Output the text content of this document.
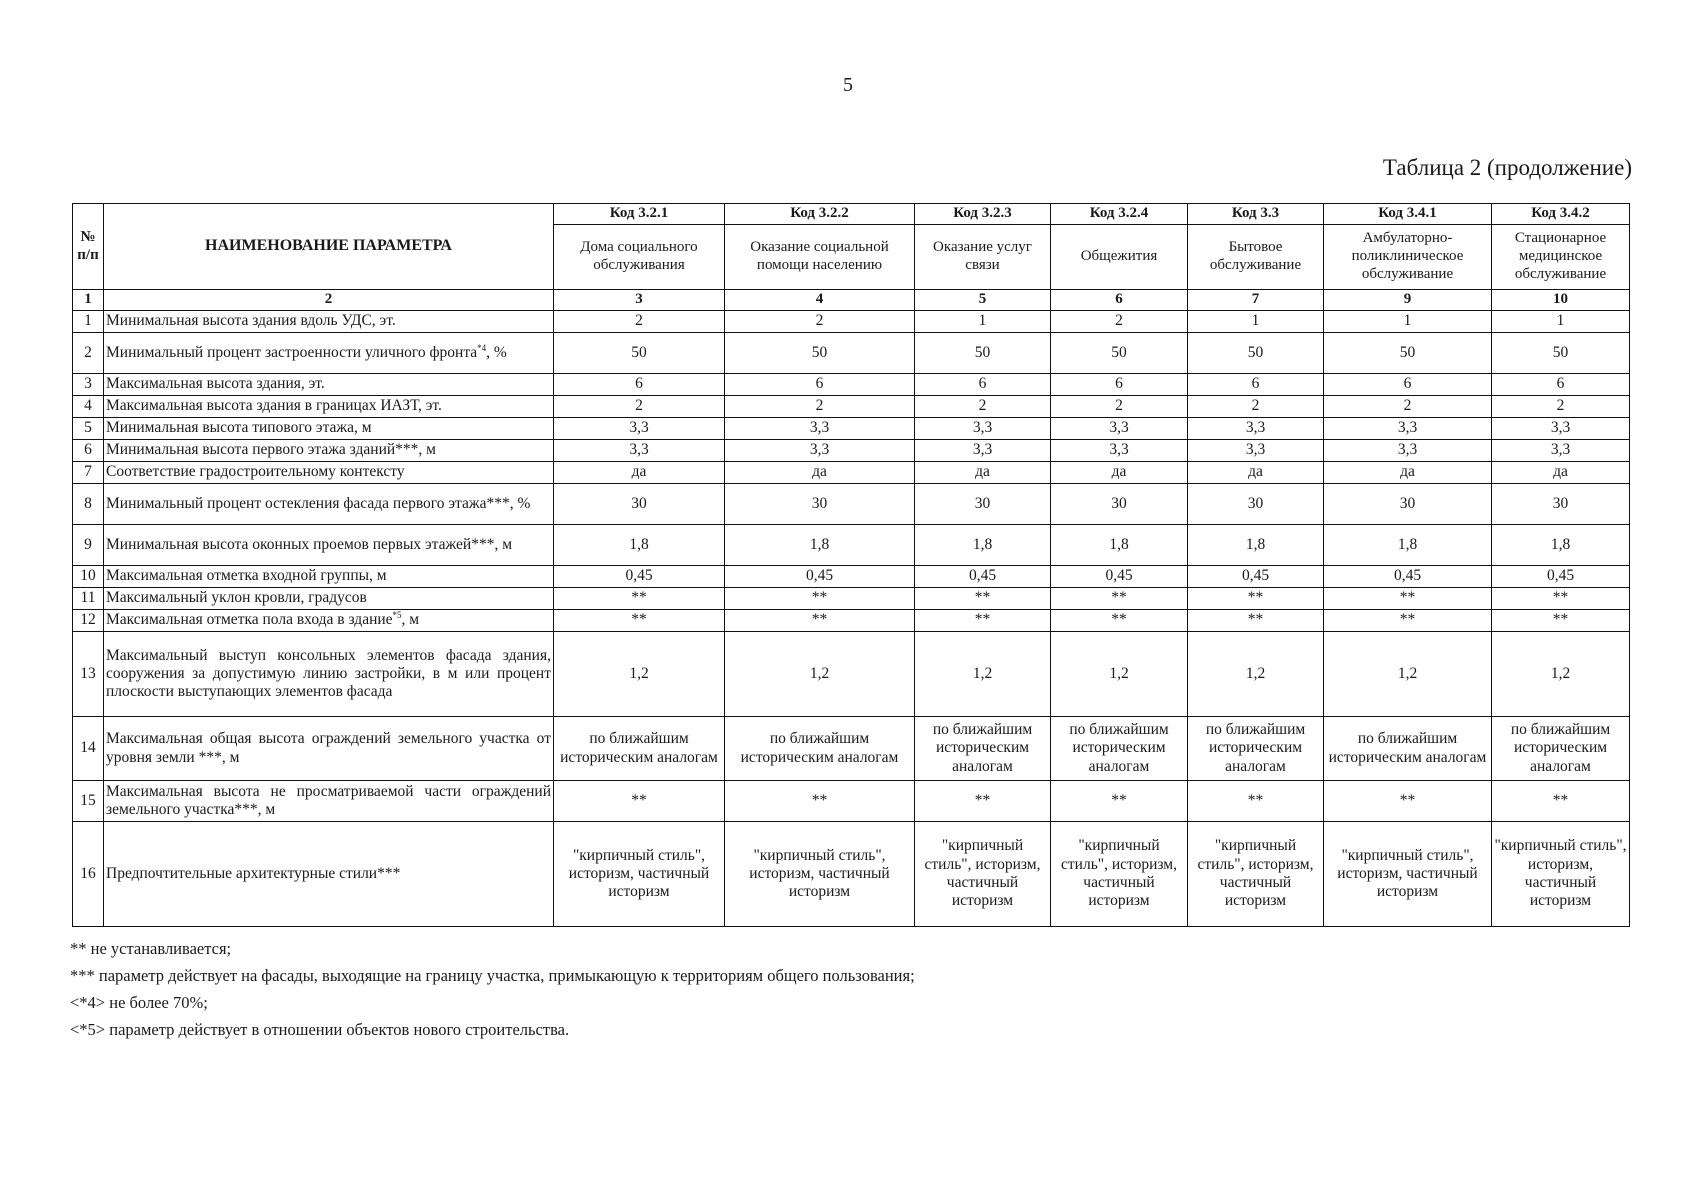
5
Таблица 2 (продолжение)
№
п/п	НАИМЕНОВАНИЕ ПАРАМЕТРА	Код 3.2.1	Код 3.2.2	Код 3.2.3	Код 3.2.4	Код 3.3	Код 3.4.1	Код 3.4.2
		Дома социального обслуживания	Оказание социальной помощи населению	Оказание услуг связи	Общежития	Бытовое обслуживание	Амбулаторно-поликлиническое обслуживание	Стационарное медицинское обслуживание
1	2	3	4	5	6	7	9	10
1	Минимальная высота здания вдоль УДС, эт.	2	2	1	2	1	1	1
2	Минимальный процент застроенности уличного фронта$^{*4}$, %	50	50	50	50	50	50	50
3	Максимальная высота здания, эт.	6	6	6	6	6	6	6
4	Максимальная высота здания в границах ИАЗТ, эт.	2	2	2	2	2	2	2
5	Минимальная высота типового этажа, м	3,3	3,3	3,3	3,3	3,3	3,3	3,3
6	Минимальная высота первого этажа зданий***, м	3,3	3,3	3,3	3,3	3,3	3,3	3,3
7	Соответствие градостроительному контексту	да	да	да	да	да	да	да
8	Минимальный процент остекления фасада первого этажа***, %	30	30	30	30	30	30	30
9	Минимальная высота оконных проемов первых этажей***, м	1,8	1,8	1,8	1,8	1,8	1,8	1,8
10	Максимальная отметка входной группы, м	0,45	0,45	0,45	0,45	0,45	0,45	0,45
11	Максимальный уклон кровли, градусов	**	**	**	**	**	**	**
12	Максимальная отметка пола входа в здание$^{*5}$, м	**	**	**	**	**	**	**
13	Максимальный выступ консольных элементов фасада здания, сооружения за допустимую линию застройки, в м или процент плоскости выступающих элементов фасада	1,2	1,2	1,2	1,2	1,2	1,2	1,2
14	Максимальная общая высота ограждений земельного участка от уровня земли ***, м	по ближайшим историческим аналогам	по ближайшим историческим аналогам	по ближайшим историческим аналогам	по ближайшим историческим аналогам	по ближайшим историческим аналогам	по ближайшим историческим аналогам	по ближайшим историческим аналогам
15	Максимальная высота не просматриваемой части ограждений земельного участка***, м	**	**	**	**	**	**	**
16	Предпочтительные архитектурные стили***	"кирпичный стиль", историзм, частичный историзм	"кирпичный стиль", историзм, частичный историзм	"кирпичный стиль", историзм, частичный историзм	"кирпичный стиль", историзм, частичный историзм	"кирпичный стиль", историзм, частичный историзм	"кирпичный стиль", историзм, частичный историзм	"кирпичный стиль", историзм, частичный историзм
** не устанавливается;
*** параметр действует на фасады, выходящие на границу участка, примыкающую к территориям общего пользования;
<*4> не более 70%;
<*5> параметр действует в отношении объектов нового строительства.
